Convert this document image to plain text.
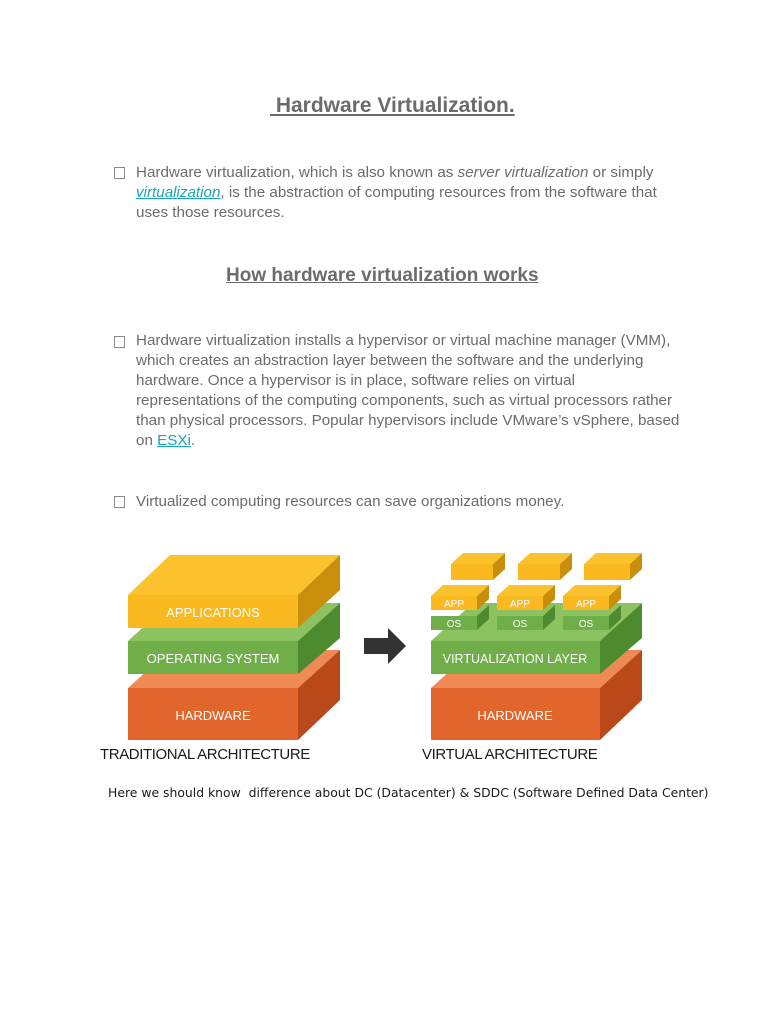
Hardware Virtualization.
Hardware virtualization, which is also known as server virtualization or simply virtualization, is the abstraction of computing resources from the software that uses those resources.
How hardware virtualization works
Hardware virtualization installs a hypervisor or virtual machine manager (VMM), which creates an abstraction layer between the software and the underlying hardware. Once a hypervisor is in place, software relies on virtual representations of the computing components, such as virtual processors rather than physical processors. Popular hypervisors include VMware’s vSphere, based on ESXi.
Virtualized computing resources can save organizations money.
HARDWARE
OPERATING SYSTEM
APPLICATIONS
TRADITIONAL ARCHITECTURE
HARDWARE
VIRTUALIZATION LAYER
APP
OS
APP
OS
APP
OS
VIRTUAL ARCHITECTURE
Here we should know  difference about DC (Datacenter) & SDDC (Software Defined Data Center)
